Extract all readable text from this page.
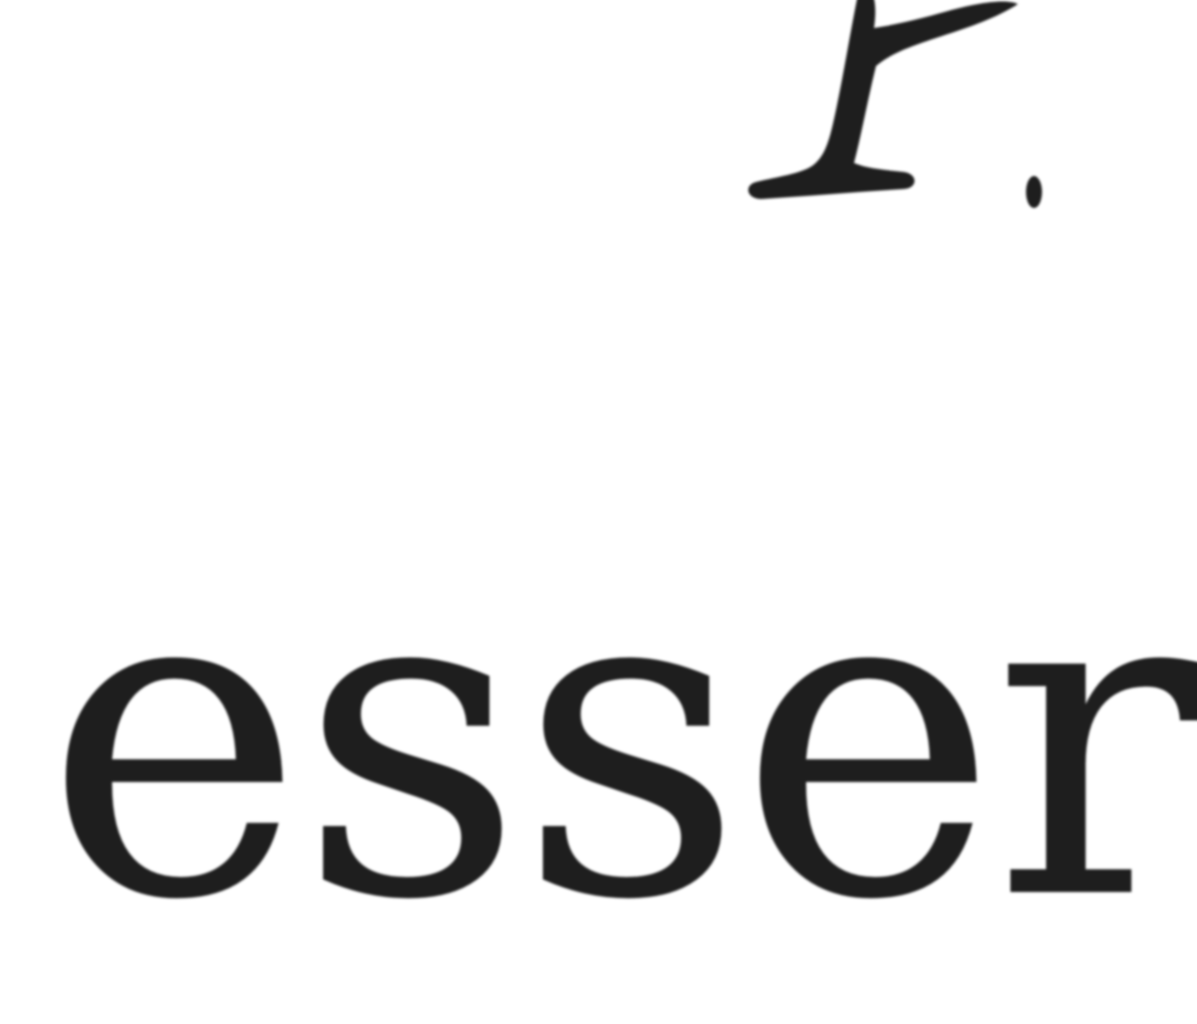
esser
